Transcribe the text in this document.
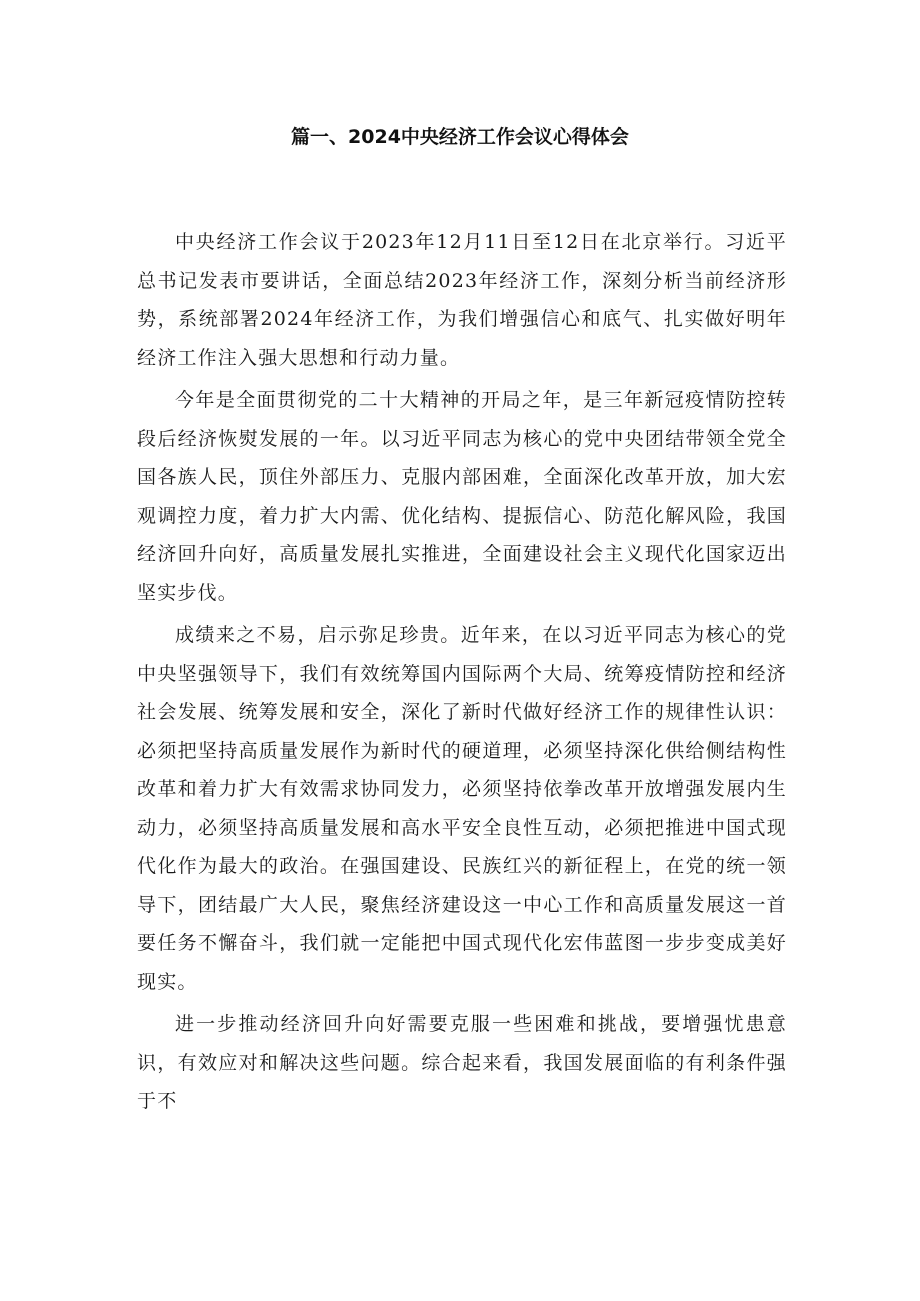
篇一、2024中央经济工作会议心得体会

中央经济工作会议于2023年12月11日至12日在北京举行。习近平总书记发表市要讲话，全面总结2023年经济工作，深刻分析当前经济形势，系统部署2024年经济工作，为我们增强信心和底气、扎实做好明年经济工作注入强大思想和行动力量。

今年是全面贯彻党的二十大精神的开局之年，是三年新冠疫情防控转段后经济恢熨发展的一年。以习近平同志为核心的党中央团结带领全党全国各族人民，顶住外部压力、克服内部困难，全面深化改革开放，加大宏观调控力度，着力扩大内需、优化结构、提振信心、防范化解风险，我国经济回升向好，高质量发展扎实推进，全面建设社会主义现代化国家迈出坚实步伐。

成绩来之不易，启示弥足珍贵。近年来，在以习近平同志为核心的党中央坚强领导下，我们有效统筹国内国际两个大局、统筹疫情防控和经济社会发展、统筹发展和安全，深化了新时代做好经济工作的规律性认识：必须把坚持高质量发展作为新时代的硬道理，必须坚持深化供给侧结构性改革和着力扩大有效需求协同发力，必须坚持依拳改革开放增强发展内生动力，必须坚持高质量发展和高水平安全良性互动，必须把推进中国式现代化作为最大的政治。在强国建设、民族红兴的新征程上，在党的统一领导下，团结最广大人民，聚焦经济建设这一中心工作和高质量发展这一首要任务不懈奋斗，我们就一定能把中国式现代化宏伟蓝图一步步变成美好现实。

进一步推动经济回升向好需要克服一些困难和挑战，要增强忧患意识，有效应对和解决这些问题。综合起来看，我国发展面临的有利条件强于不
